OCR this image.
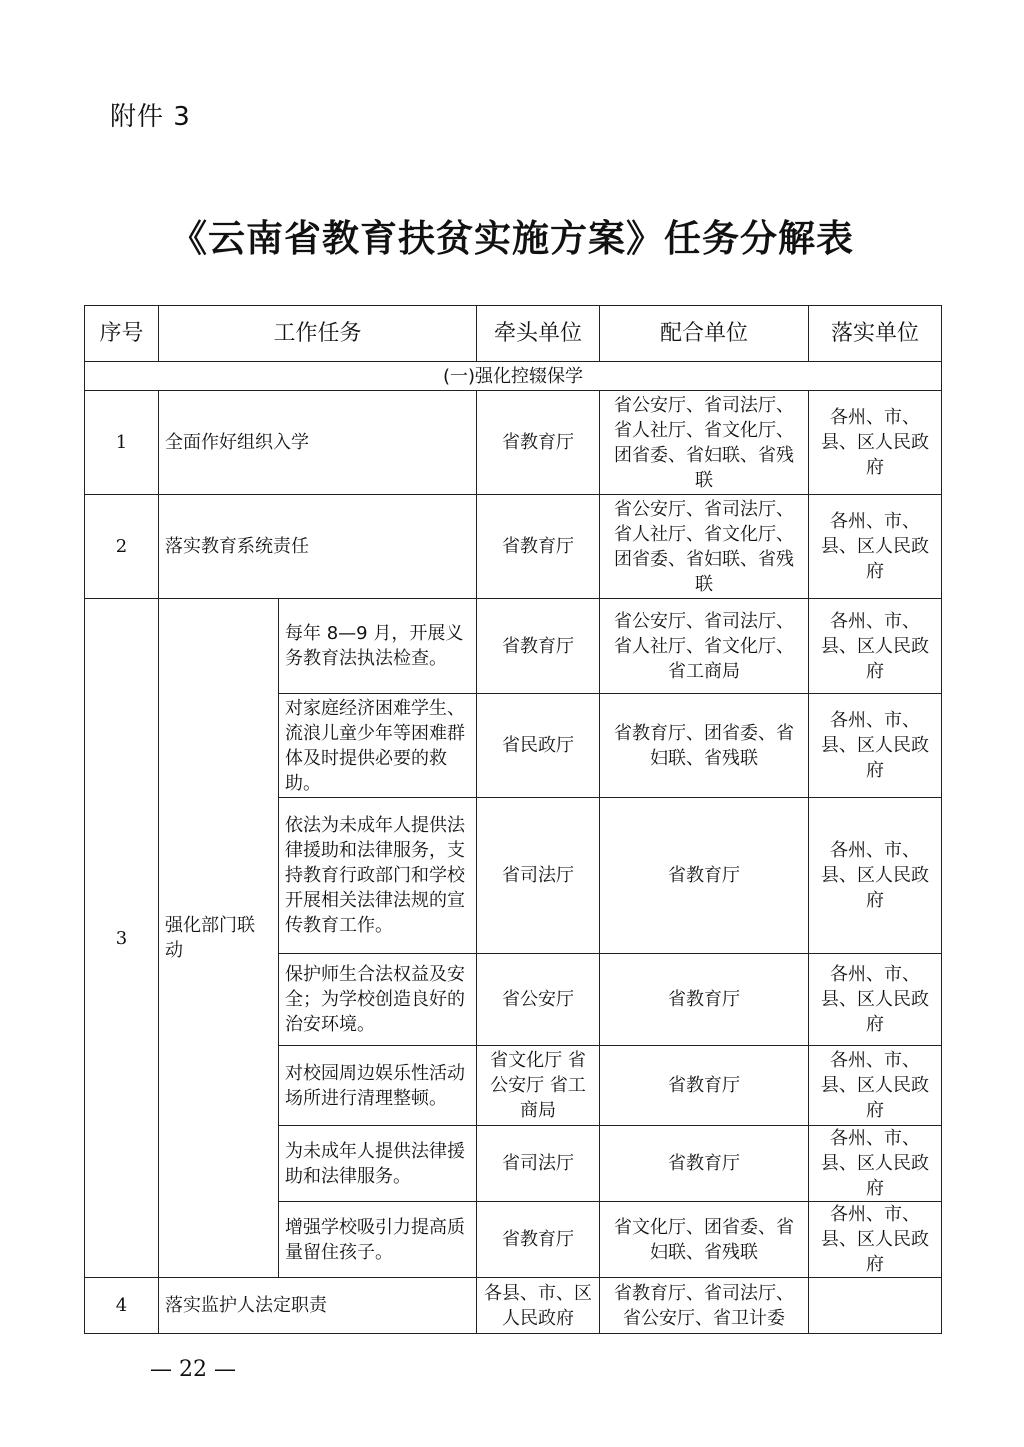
附件 3
《云南省教育扶贫实施方案》任务分解表
序号	工作任务		牵头单位	配合单位	落实单位
(一)强化控辍保学					
1	全面作好组织入学		省教育厅	省公安厅、省司法厅、省人社厅、省文化厅、团省委、省妇联、省残联	各州、市、县、区人民政府
2	落实教育系统责任		省教育厅	省公安厅、省司法厅、省人社厅、省文化厅、团省委、省妇联、省残联	各州、市、县、区人民政府
3	强化部门联动	每年 8—9 月，开展义务教育法执法检查。	省教育厅	省公安厅、省司法厅、省人社厅、省文化厅、省工商局	各州、市、县、区人民政府
		对家庭经济困难学生、流浪儿童少年等困难群体及时提供必要的救助。	省民政厅	省教育厅、团省委、省妇联、省残联	各州、市、县、区人民政府
		依法为未成年人提供法律援助和法律服务，支持教育行政部门和学校开展相关法律法规的宣传教育工作。	省司法厅	省教育厅	各州、市、县、区人民政府
		保护师生合法权益及安全；为学校创造良好的治安环境。	省公安厅	省教育厅	各州、市、县、区人民政府
		对校园周边娱乐性活动场所进行清理整顿。	省文化厅 省公安厅 省工商局	省教育厅	各州、市、县、区人民政府
		为未成年人提供法律援助和法律服务。	省司法厅	省教育厅	各州、市、县、区人民政府
		增强学校吸引力提高质量留住孩子。	省教育厅	省文化厅、团省委、省妇联、省残联	各州、市、县、区人民政府
4	落实监护人法定职责		各县、市、区人民政府	省教育厅、省司法厅、省公安厅、省卫计委	
— 22 —
